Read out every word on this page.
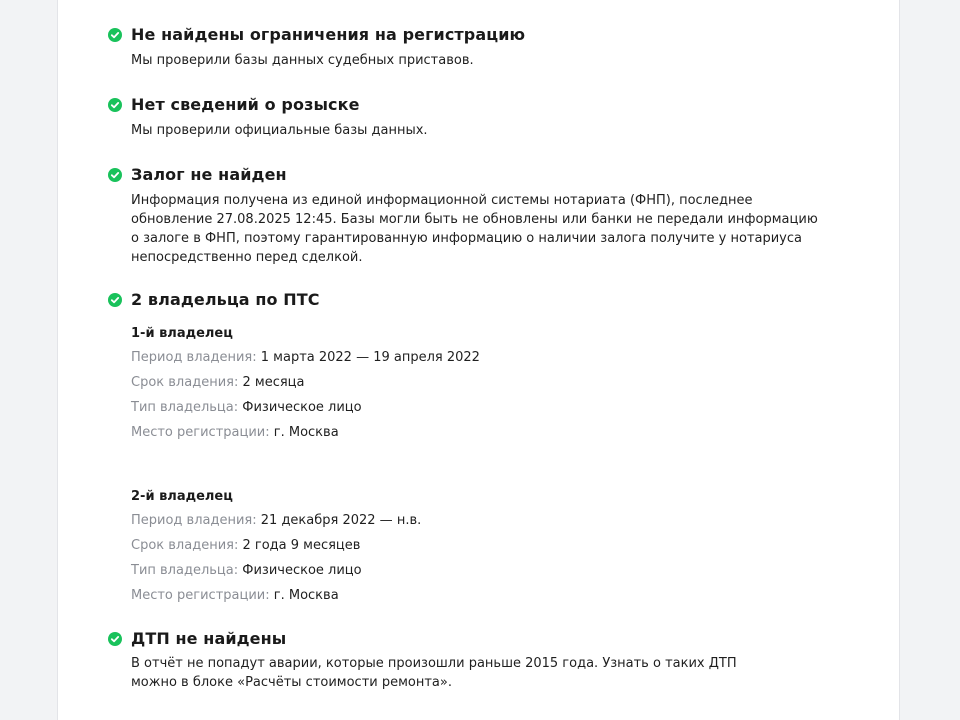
Не найдены ограничения на регистрацию
Мы проверили базы данных судебных приставов.
Нет сведений о розыске
Мы проверили официальные базы данных.
Залог не найден
Информация получена из единой информационной системы нотариата (ФНП), последнее обновление 27.08.2025 12:45. Базы могли быть не обновлены или банки не передали информацию о залоге в ФНП, поэтому гарантированную информацию о наличии залога получите у нотариуса непосредственно перед сделкой.
2 владельца по ПТС
1-й владелец
Период владения: 1 марта 2022 — 19 апреля 2022
Срок владения: 2 месяца
Тип владельца: Физическое лицо
Место регистрации: г. Москва
2-й владелец
Период владения: 21 декабря 2022 — н.в.
Срок владения: 2 года 9 месяцев
Тип владельца: Физическое лицо
Место регистрации: г. Москва
ДТП не найдены
В отчёт не попадут аварии, которые произошли раньше 2015 года. Узнать о таких ДТП можно в блоке «Расчёты стоимости ремонта».
